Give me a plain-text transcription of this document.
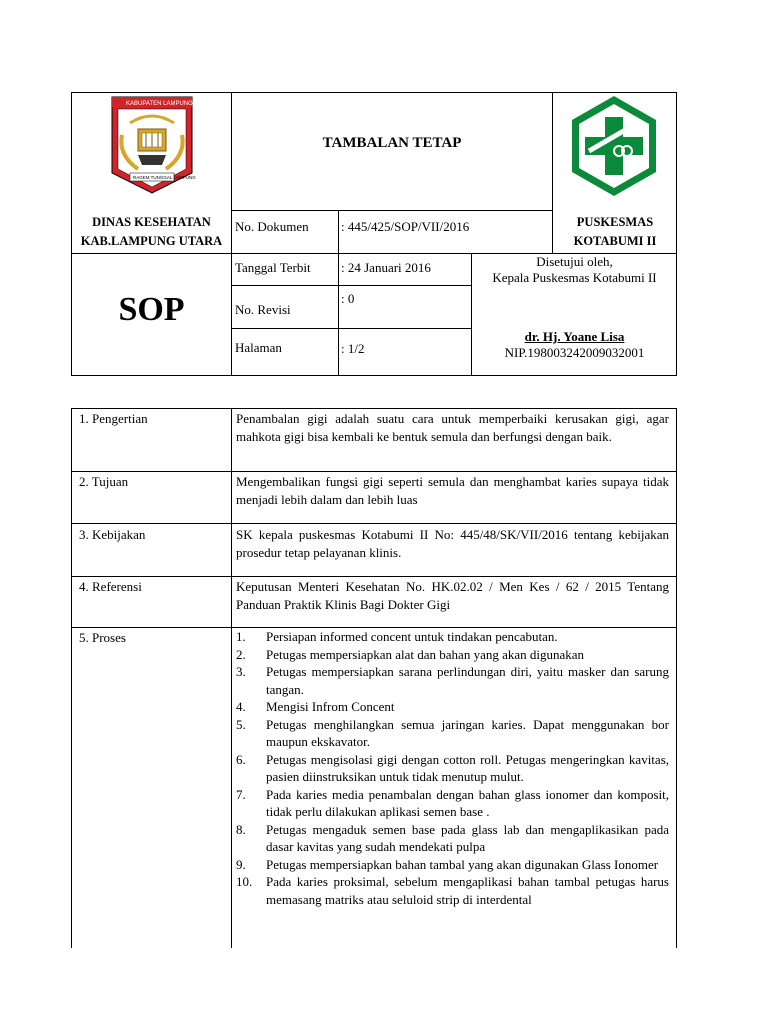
KABUPATEN LAMPUNG UTARA
RAGEM TUNGGAL LAMPUNG
DINAS KESEHATAN
KAB.LAMPUNG UTARA
TAMBALAN TETAP
PUSKESMAS
KOTABUMI II
SOP
No. Dokumen : 445/425/SOP/VII/2016
Tanggal Terbit : 24 Januari 2016
No. Revisi
: 0
Halaman	: 1/2
Disetujui oleh,
Kepala Puskesmas Kotabumi II
dr. Hj. Yoane Lisa
NIP.198003242009032001
1. Pengertian	Penambalan gigi adalah suatu cara untuk memperbaiki kerusakan gigi, agar mahkota gigi bisa kembali ke bentuk semula dan berfungsi dengan baik.
2. Tujuan	Mengembalikan fungsi gigi seperti semula dan menghambat karies supaya tidak menjadi lebih dalam dan lebih luas
3. Kebijakan	SK kepala puskesmas Kotabumi II No: 445/48/SK/VII/2016 tentang kebijakan prosedur tetap pelayanan klinis.
4. Referensi	Keputusan Menteri Kesehatan No. HK.02.02 / Men Kes / 62 / 2015 Tentang Panduan Praktik Klinis Bagi Dokter Gigi
5. Proses	1. Persiapan informed concent untuk tindakan pencabutan.
2. Petugas mempersiapkan alat dan bahan yang akan digunakan
3. Petugas mempersiapkan sarana perlindungan diri, yaitu masker dan sarung tangan.
4. Mengisi Infrom Concent
5. Petugas menghilangkan semua jaringan karies. Dapat menggunakan bor maupun ekskavator.
6. Petugas mengisolasi gigi dengan cotton roll. Petugas mengeringkan kavitas, pasien diinstruksikan untuk tidak menutup mulut.
7. Pada karies media penambalan dengan bahan glass ionomer dan komposit, tidak perlu dilakukan aplikasi semen base .
8. Petugas mengaduk semen base pada glass lab dan mengaplikasikan pada dasar kavitas yang sudah mendekati pulpa
9. Petugas mempersiapkan bahan tambal yang akan digunakan Glass Ionomer
10. Pada karies proksimal, sebelum mengaplikasi bahan tambal petugas harus memasang matriks atau seluloid strip di interdental
